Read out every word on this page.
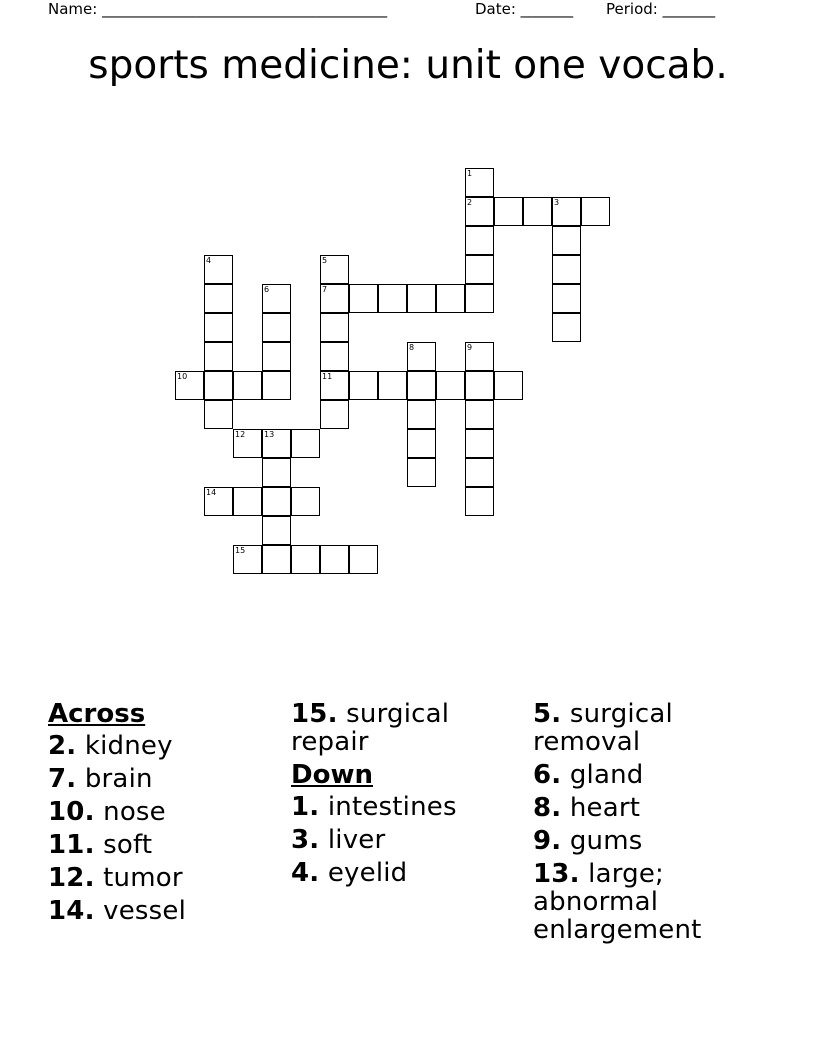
Name: ______________________________________	Date: _______ Period: _______
sports medicine: unit one vocab.
1
2	3
4	5
7
11
6
8	9
10
12 13
14
15
Across
2. kidney
7. brain
10. nose
11. soft
12. tumor
14. vessel
15. surgical repair
Down
1. intestines
3. liver
4. eyelid
5. surgical removal
6. gland
8. heart
9. gums
13. large; abnormal enlargement
